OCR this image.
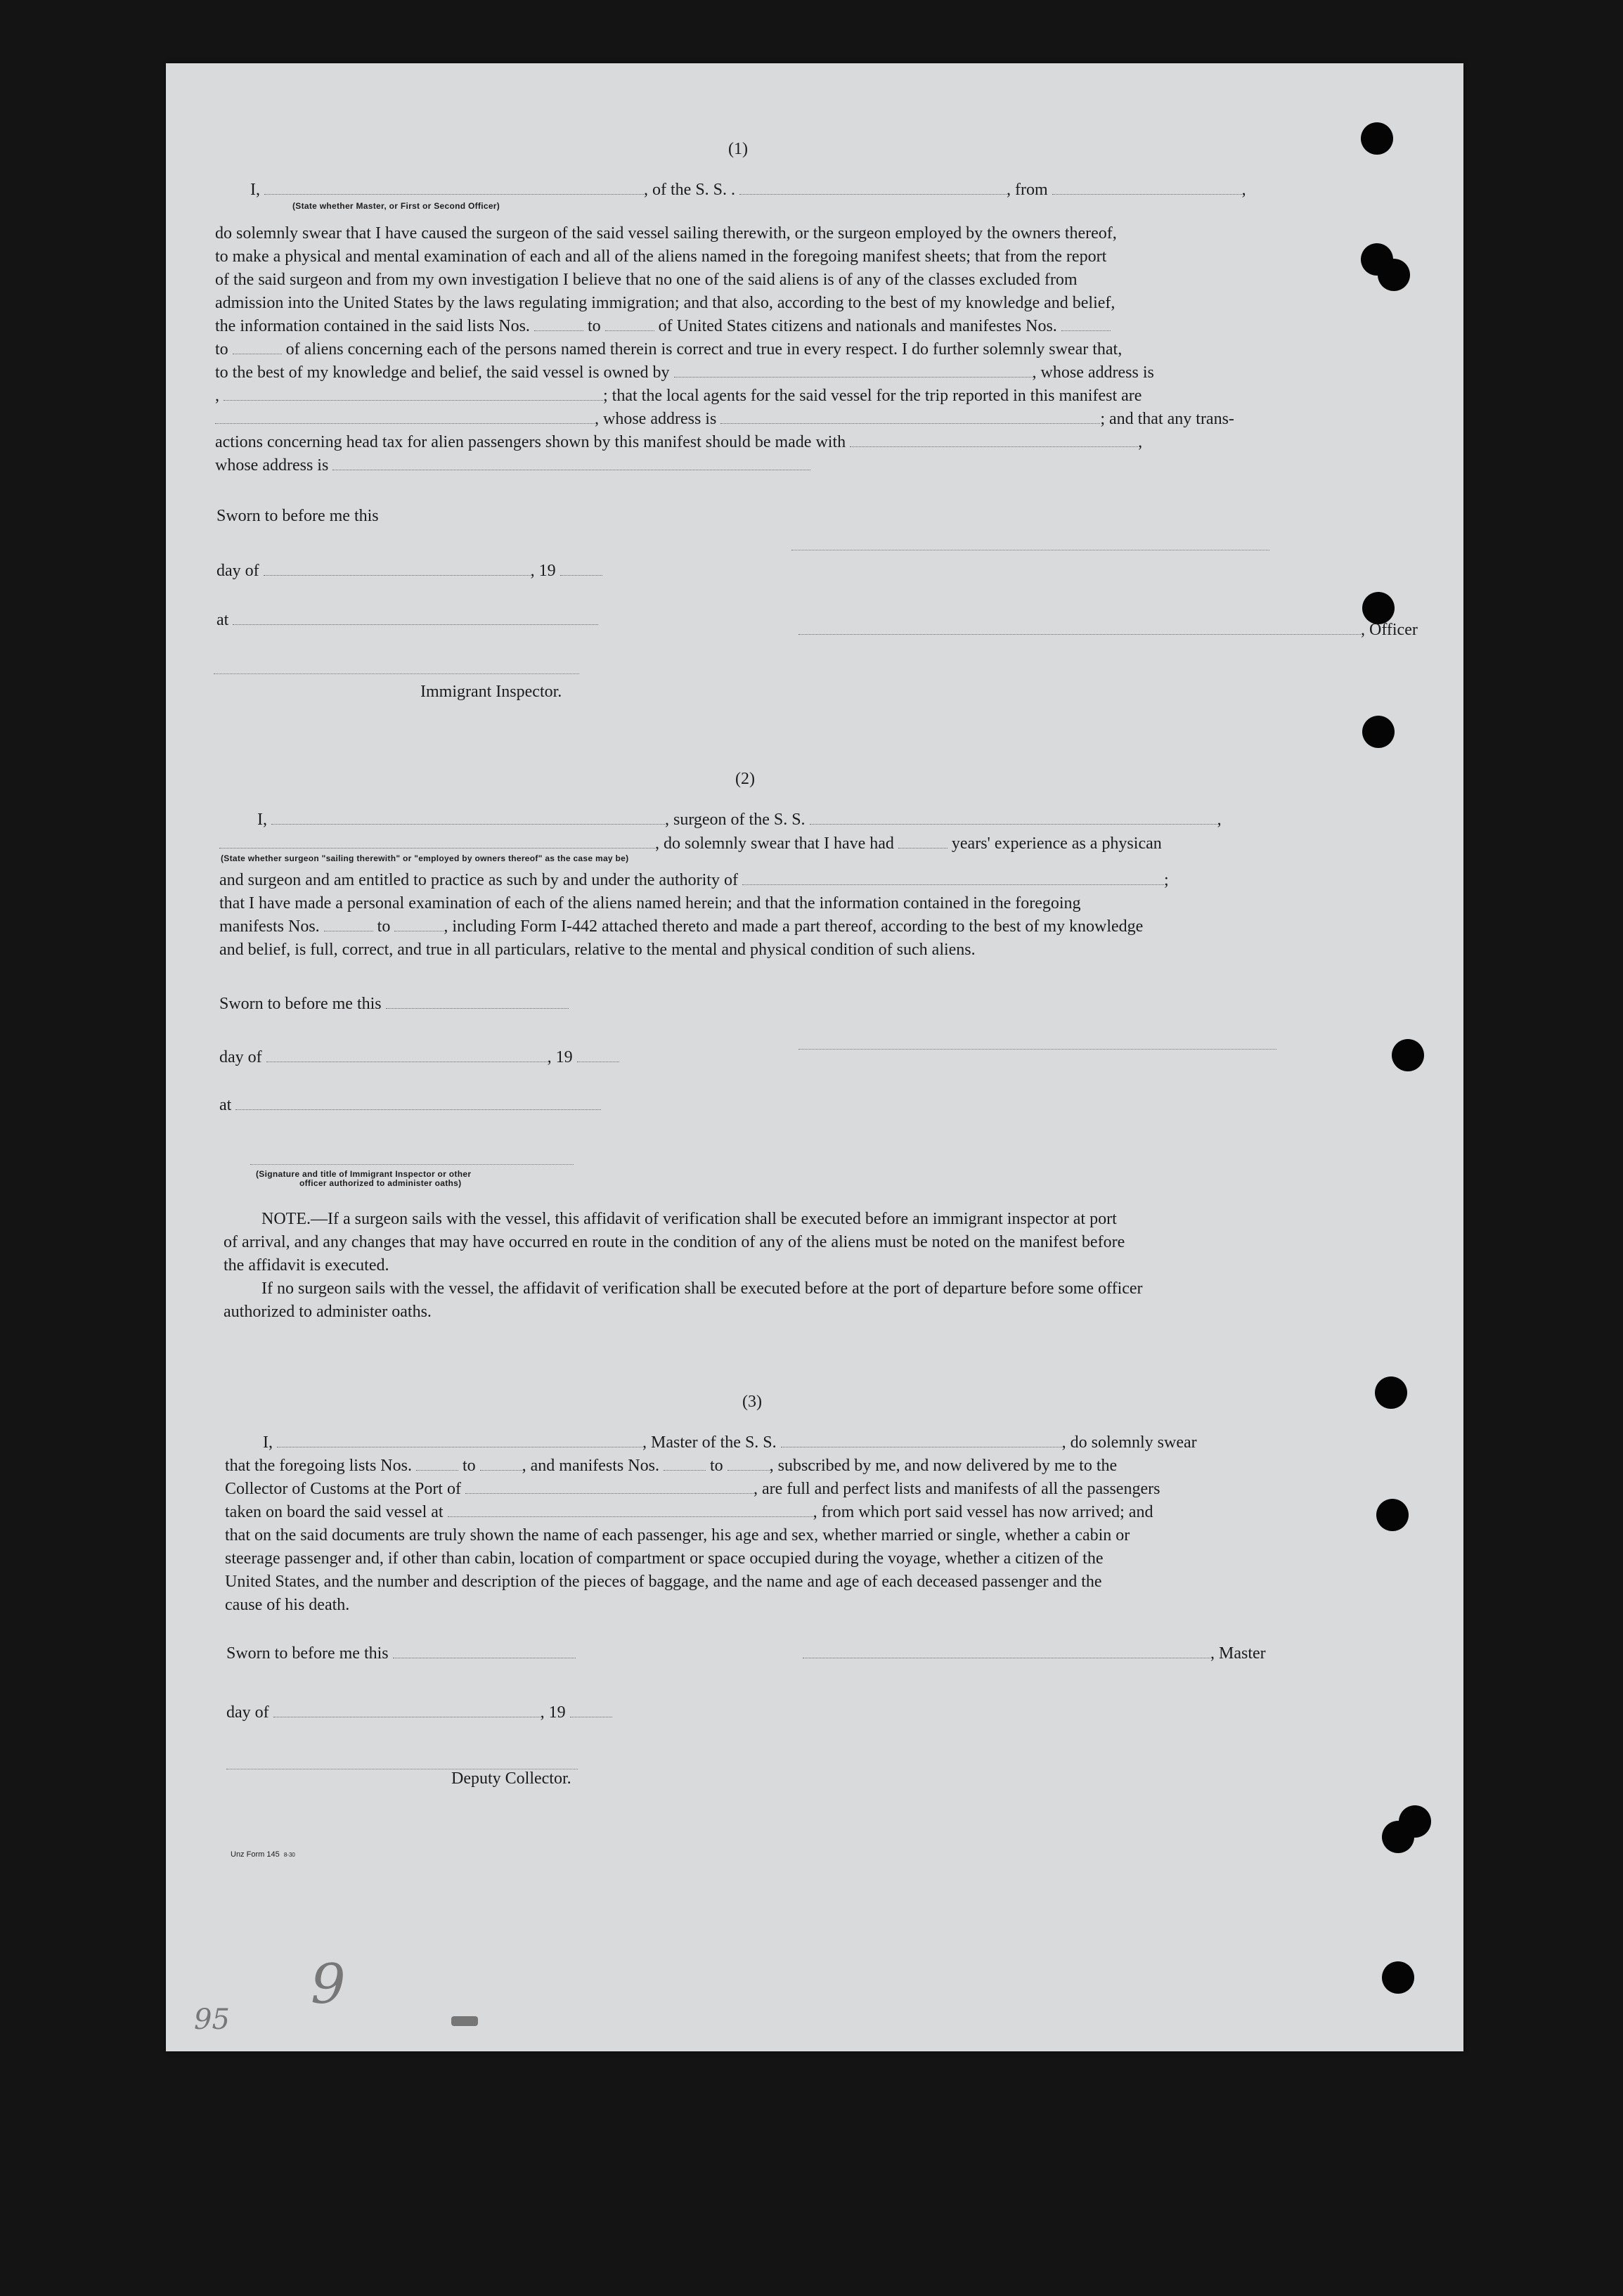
(1)
I,	, of the S. S. .	, from	,
(State whether Master, or First or Second Officer)
do solemnly swear that I have caused the surgeon of the said vessel sailing therewith, or the surgeon employed by the owners thereof,
to make a physical and mental examination of each and all of the aliens named in the foregoing manifest sheets; that from the report
of the said surgeon and from my own investigation I believe that no one of the said aliens is of any of the classes excluded from
admission into the United States by the laws regulating immigration; and that also, according to the best of my knowledge and belief,
the information contained in the said lists Nos.	to	of United States citizens and nationals and manifestes Nos.
to	of aliens concerning each of the persons named therein is correct and true in every respect. I do further solemnly swear that,
to the best of my knowledge and belief, the said vessel is owned by	, whose address is
,	; that the local agents for the said vessel for the trip reported in this manifest are
, whose address is	; and that any trans-
actions concerning head tax for alien passengers shown by this manifest should be made with	,
whose address is
Sworn to before me this
day of	, 19
at
, Officer
Immigrant Inspector.
(2)
I,	, surgeon of the S. S.	,
, do solemnly swear that I have had	years' experience as a physican
(State whether surgeon "sailing therewith" or "employed by owners thereof" as the case may be)
and surgeon and am entitled to practice as such by and under the authority of	;
that I have made a personal examination of each of the aliens named herein; and that the information contained in the foregoing
manifests Nos.	to	, including Form I-442 attached thereto and made a part thereof, according to the best of my knowledge
and belief, is full, correct, and true in all particulars, relative to the mental and physical condition of such aliens.
Sworn to before me this
day of	, 19
at
(Signature and title of Immigrant Inspector or other
officer authorized to administer oaths)
NOTE.—If a surgeon sails with the vessel, this affidavit of verification shall be executed before an immigrant inspector at port
of arrival, and any changes that may have occurred en route in the condition of any of the aliens must be noted on the manifest before
the affidavit is executed.
If no surgeon sails with the vessel, the affidavit of verification shall be executed before at the port of departure before some officer
authorized to administer oaths.
(3)
I,	, Master of the S. S.	, do solemnly swear
that the foregoing lists Nos.	to	, and manifests Nos.	to	, subscribed by me, and now delivered by me to the
Collector of Customs at the Port of	, are full and perfect lists and manifests of all the passengers
taken on board the said vessel at	, from which port said vessel has now arrived; and
that on the said documents are truly shown the name of each passenger, his age and sex, whether married or single, whether a cabin or
steerage passenger and, if other than cabin, location of compartment or space occupied during the voyage, whether a citizen of the
United States, and the number and description of the pieces of baggage, and the name and age of each deceased passenger and the
cause of his death.
Sworn to before me this	, Master
day of	, 19
Deputy Collector.
Unz Form 145 8-30
95
9
